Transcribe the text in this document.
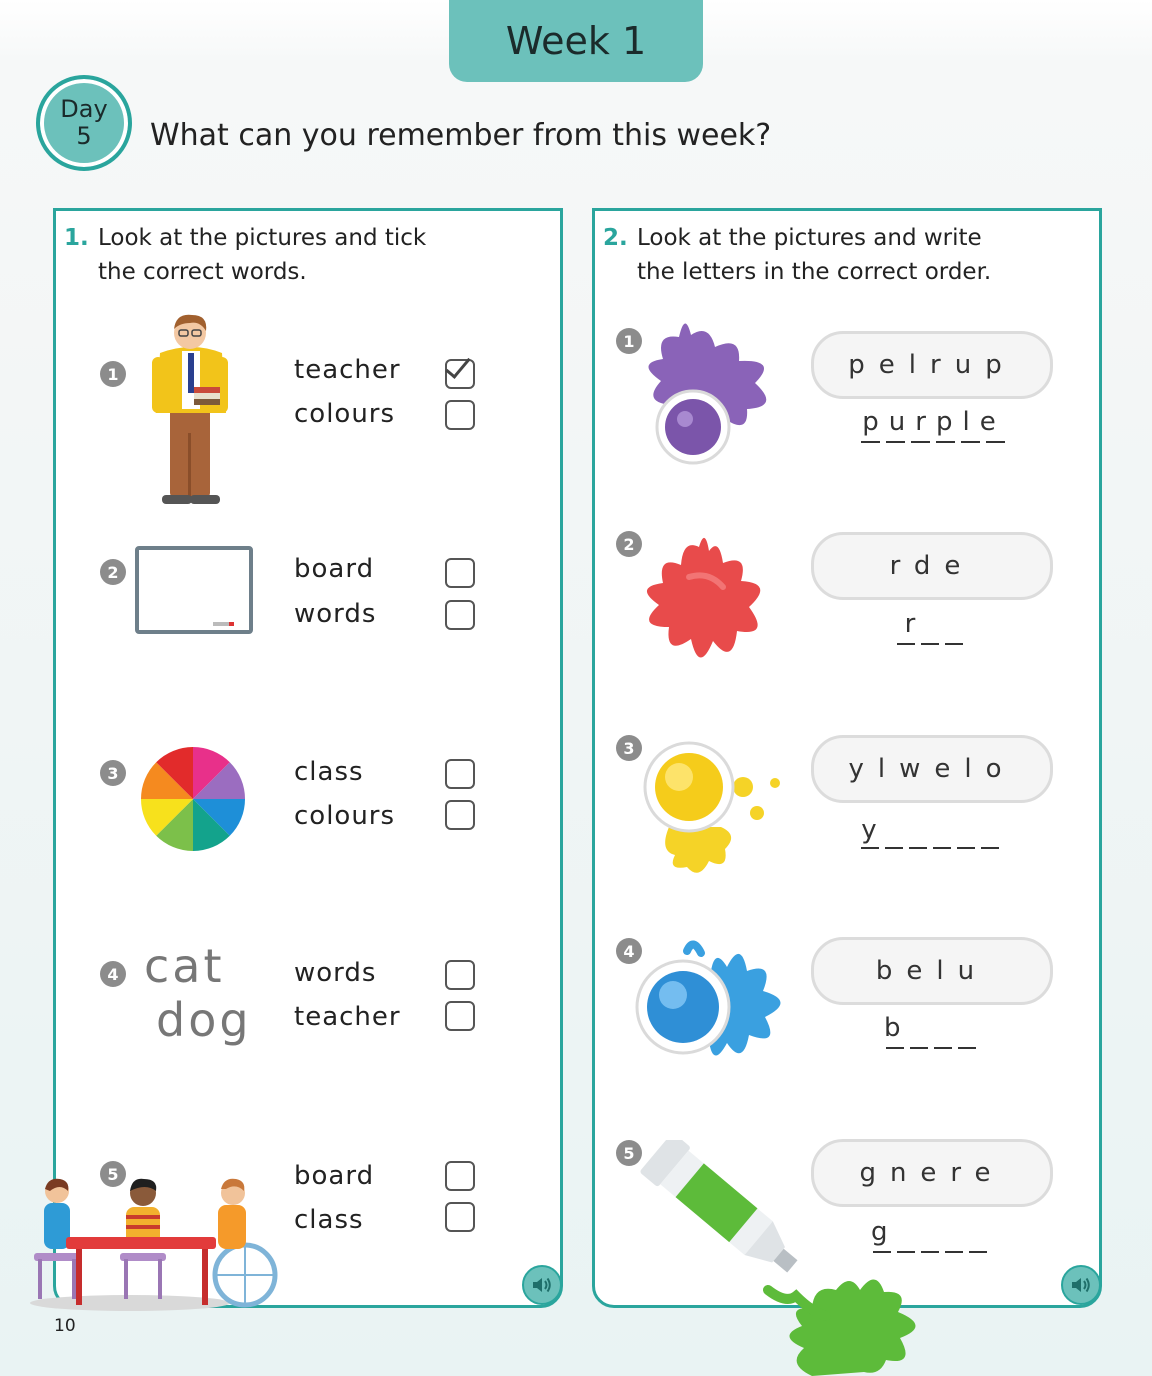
Week 1
Day
5 What can you remember from this week?
1. Look at the pictures and tick
the correct words.
1	teacher
colours
2	board
words
3	class
colours
4 cat
dog
words
teacher
5	board
class
2. Look at the pictures and write
the letters in the correct order.
1
pelrup
purple
2
rde
r
3
ylwelo
y
4
belu
b
5
gnere
g
10
